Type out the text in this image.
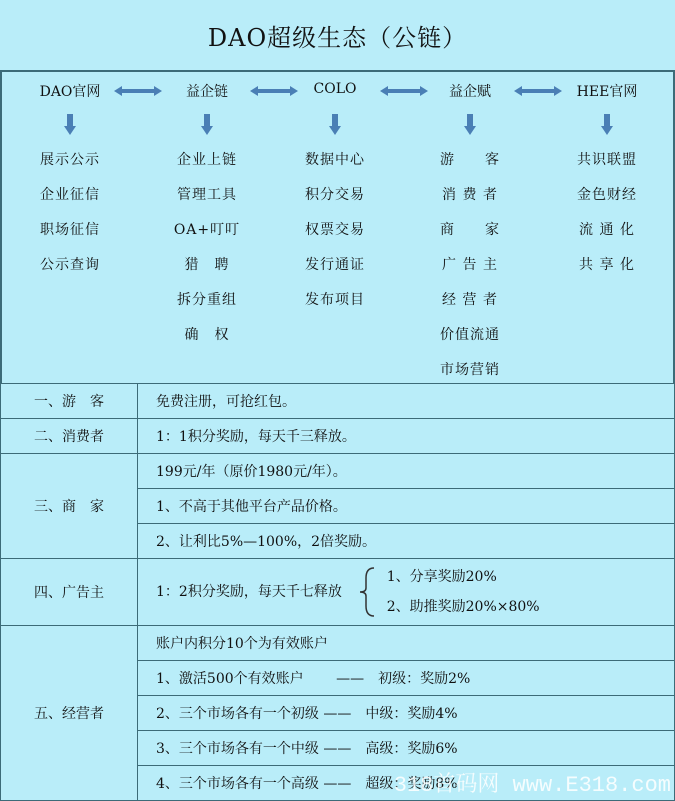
DAO超级生态（公链）
DAO官网
展示公示
企业征信
职场征信
公示查询
益企链
企业上链
管理工具
OA+叮叮
猎　聘
拆分重组
确　权
COLO
数据中心
积分交易
权票交易
发行通证
发布项目
益企赋
游　　客
消 费 者
商　　家
广 告 主
经 营 者
价值流通
市场营销
HEE官网
共识联盟
金色财经
流 通 化
共 享 化
一、游　客	免费注册，可抢红包。
二、消费者	1：1积分奖励，每天千三释放。
三、商　家	199元/年（原价1980元/年）。
	1、不高于其他平台产品价格。
	2、让利比5%—100%，2倍奖励。
四、广告主	1：2积分奖励，每天千七释放  1、分享奖励20%
2、助推奖励20%×80%
五、经营者	账户内积分10个为有效账户
	1、激活500个有效账户　　 ——　初级：奖励2%
	2、三个市场各有一个初级 ——　中级：奖励4%
	3、三个市场各有一个中级 ——　高级：奖励6%
	4、三个市场各有一个高级 ——　超级：奖励8%
318首码网 www.E318.com
